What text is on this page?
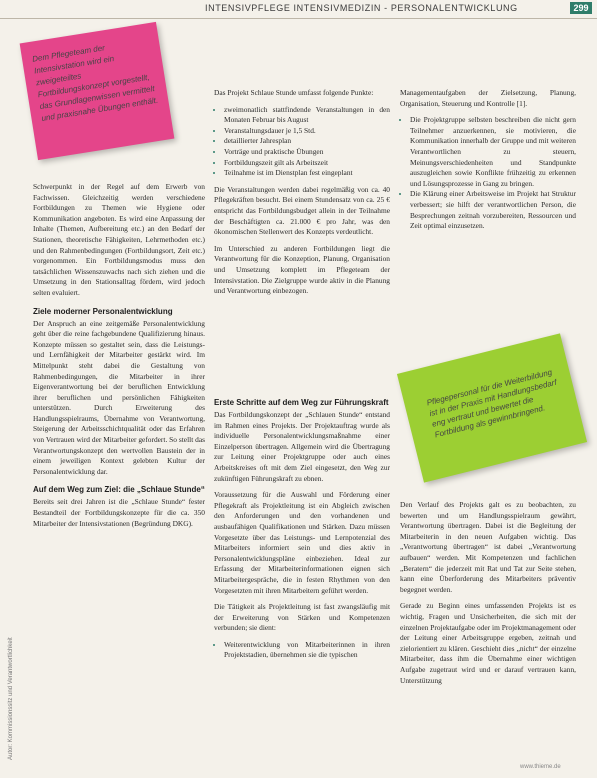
INTENSIVPFLEGE INTENSIVMEDIZIN - PERSONALENTWICKLUNG	299
Dem Pflegeteam der Intensivstation wird ein zweigeteiltes Fortbildungskonzept vorgestellt, das Grundlagenwissen vermittelt und praxisnahe Übungen enthält.

Schwerpunkt in der Regel auf dem Erwerb von Fachwissen. Gleichzeitig werden verschiedene Fortbildungen zu Themen wie Hygiene oder Kommunikation angeboten. Es wird eine Anpassung der Inhalte (Themen, Aufbereitung etc.) an den Bedarf der Stationen, theoretische Fähigkeiten, Lehrmethoden etc.) und den Rahmenbedingungen (Fortbildungsort, Zeit etc.) vorgenommen. Ein Fortbildungsmodus muss den tatsächlichen Wissenszuwachs nach sich ziehen und die Umsetzung in den Stationsalltag fördern, wird jedoch selten evaluiert.

Ziele moderner Personalentwicklung

Der Anspruch an eine zeitgemäße Personalentwicklung geht über die reine fachgebundene Qualifizierung hinaus. Konzepte müssen so gestaltet sein, dass die Leistungs- und Lernfähigkeit der Mitarbeiter gestärkt wird. Im Mittelpunkt steht dabei die Gestaltung von Rahmenbedingungen, die Mitarbeiter in ihrer Eigenverantwortung bei der beruflichen Entwicklung ihrer beruflichen und persönlichen Fähigkeiten unterstützen. Durch Erweiterung des Handlungsspielraums, Übernahme von Verantwortung, Steigerung der Arbeitsschichtqualität oder das Erfahren von Vertrauen wird der Mitarbeiter gefordert. So stellt das Verantwortungskonzept den wertvollen Baustein der in einem jeweiligen Kontext gelebten Kultur der Personalentwicklung dar.

Auf dem Weg zum Ziel: die „Schlaue Stunde“

Bereits seit drei Jahren ist die „Schlaue Stunde“ fester Bestandteil der Fortbildungskonzepte für die ca. 350 Mitarbeiter der Intensivstationen (Begründung DKG).

Das Projekt Schlaue Stunde umfasst folgende Punkte:

• zweimonatlich stattfindende Veranstaltungen in den Monaten Februar bis August
• Veranstaltungsdauer je 1,5 Std.
• detaillierter Jahresplan
• Vorträge und praktische Übungen
• Fortbildungszeit gilt als Arbeitszeit
• Teilnahme ist im Dienstplan fest eingeplant

Die Veranstaltungen werden dabei regelmäßig von ca. 40 Pflegekräften besucht. Bei einem Stundensatz von ca. 25 € entspricht das Fortbildungsbudget allein in der Teilnahme der Beschäftigten ca. 21.000 € pro Jahr, was den ökonomischen Stellenwert des Konzepts verdeutlicht.

Im Unterschied zu anderen Fortbildungen liegt die Verantwortung für die Konzeption, Planung, Organisation und Umsetzung komplett im Pflegeteam der Intensivstation. Die Zielgruppe wurde aktiv in die Planung und Verantwortung einbezogen.

Erste Schritte auf dem Weg zur Führungskraft

Das Fortbildungskonzept der „Schlauen Stunde“ entstand im Rahmen eines Projekts. Der Projektauftrag wurde als individuelle Personalentwicklungsmaßnahme einer Einzelperson übertragen. Allgemein wird die Übertragung zur Leitung einer Projektgruppe oder auch eines Arbeitskreises oft mit dem Ziel eingesetzt, den Weg zur zukünftigen Führungskraft zu ebnen.

Voraussetzung für die Auswahl und Förderung einer Pflegekraft als Projektleitung ist ein Abgleich zwischen den Anforderungen und den vorhandenen und ausbaufähigen Qualifikationen und Stärken. Dazu müssen Vorgesetzte über das Leistungs- und Lernpotenzial des Mitarbeiters informiert sein und dies aktiv in Personalentwicklungspläne einbeziehen. Ideal zur Erfassung der Mitarbeiterinformationen eignen sich Mitarbeitergespräche, die in festen Rhythmen von den Vorgesetzten mit ihren Mitarbeitern geführt werden.

Die Tätigkeit als Projektleitung ist fast zwangsläufig mit der Erweiterung von Stärken und Kompetenzen verbunden; sie dient:

• Weiterentwicklung von Mitarbeiterinnen in ihren Projektstadien, übernehmen sie die typischen

Managementaufgaben der Zielsetzung, Planung, Organisation, Steuerung und Kontrolle [1].

• Die Projektgruppe selbsten beschreiben die nicht gern Teilnehmer anzuerkennen, sie motivieren, die Kommunikation innerhalb der Gruppe und mit weiteren Verantwortlichen zu steuern, Meinungsverschiedenheiten und Standpunkte auszugleichen sowie Konflikte frühzeitig zu erkennen und Lösungsprozesse in Gang zu bringen.
• Die Klärung einer Arbeitsweise im Projekt hat Struktur verbessert; sie hilft der verantwortlichen Person, die Besprechungen zeitnah vorzubereiten, Ressourcen und Zeit optimal einzusetzen.
Pflegepersonal für die Weiterbildung ist in der Praxis mit Handlungsbedarf eng vertraut und bewertet die Fortbildung als gewinnbringend.

Den Verlauf des Projekts galt es zu beobachten, zu bewerten und um Handlungsspielraum gewährt, Verantwortung übertragen. Dabei ist die Begleitung der Mitarbeiterin in den neuen Aufgaben wichtig. Das „Verantwortung übertragen“ ist dabei „Verantwortung aufbauen“ werden. Mit Kompetenzen und fachlichen „Beratern“ die jederzeit mit Rat und Tat zur Seite stehen, kann eine Überforderung des Mitarbeiters präventiv begegnet werden.

Gerade zu Beginn eines umfassenden Projekts ist es wichtig, Fragen und Unsicherheiten, die sich mit der einzelnen Projektaufgabe oder im Projektmanagement oder der Leitung einer Arbeitsgruppe ergeben, zeitnah und zielorientiert zu klären. Geschieht dies „nicht“ der einzelne Mitarbeiter, dass ihm die Übernahme einer wichtigen Aufgabe zugetraut wird und er darauf vertrauen kann, Unterstützung

Autor: Kommissionssitz und Verantwortlichkeit
www.thieme.de
